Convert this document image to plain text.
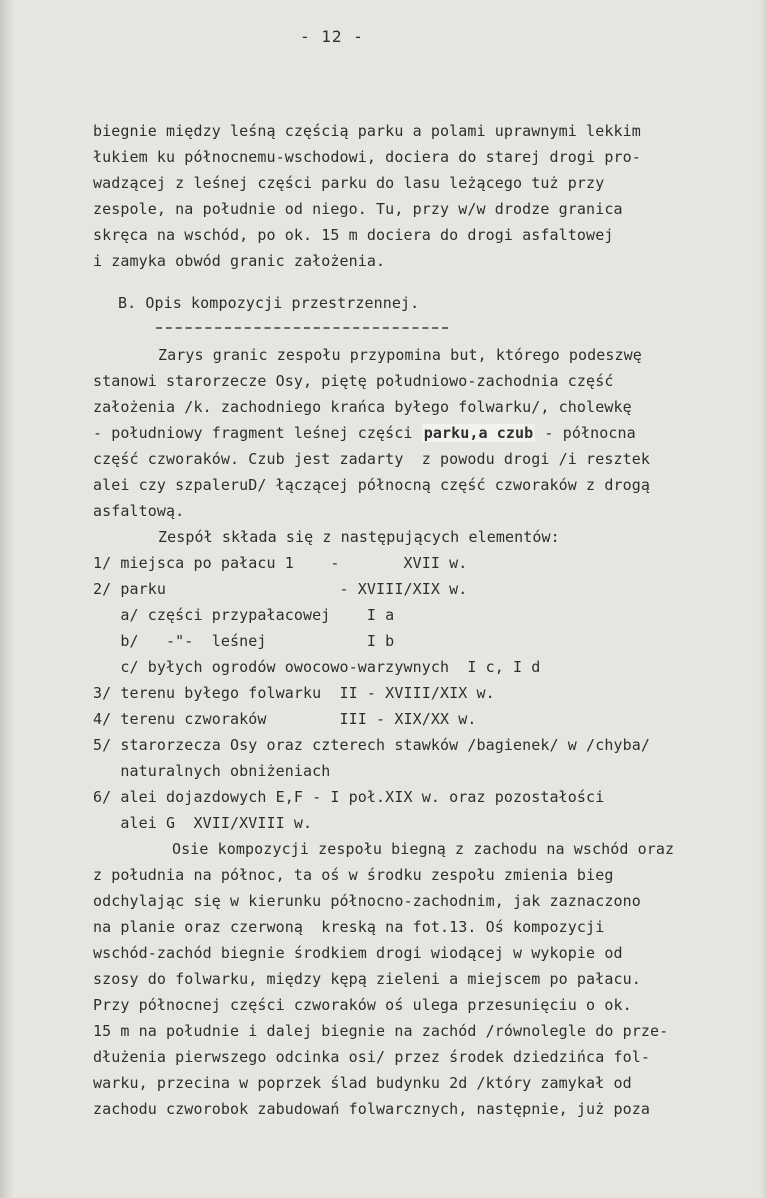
- 12 -
biegnie między leśną częścią parku a polami uprawnymi lekkim
łukiem ku północnemu-wschodowi, dociera do starej drogi pro-
wadzącej z leśnej części parku do lasu leżącego tuż przy
zespole, na południe od niego. Tu, przy w/w drodze granica
skręca na wschód, po ok. 15 m dociera do drogi asfaltowej
i zamyka obwód granic założenia.
B. Opis kompozycji przestrzennej.
Zarys granic zespołu przypomina but, którego podeszwę
stanowi starorzecze Osy, piętę południowo-zachodnia część
założenia /k. zachodniego krańca byłego folwarku/, cholewkę
- południowy fragment leśnej części parku,a czub - północna
część czworaków. Czub jest zadarty  z powodu drogi /i resztek
alei czy szpaleruD/ łączącej północną część czworaków z drogą
asfaltową.
Zespół składa się z następujących elementów:
1/ miejsca po pałacu 1    -       XVII w.
2/ parku                   - XVIII/XIX w.
a/ części przypałacowej    I a
b/   -"-  leśnej           I b
c/ byłych ogrodów owocowo-warzywnych  I c, I d
3/ terenu byłego folwarku  II - XVIII/XIX w.
4/ terenu czworaków        III - XIX/XX w.
5/ starorzecza Osy oraz czterech stawków /bagienek/ w /chyba/
naturalnych obniżeniach
6/ alei dojazdowych E,F - I poł.XIX w. oraz pozostałości
alei G  XVII/XVIII w.
Osie kompozycji zespołu biegną z zachodu na wschód oraz
z południa na północ, ta oś w środku zespołu zmienia bieg
odchylając się w kierunku północno-zachodnim, jak zaznaczono
na planie oraz czerwoną  kreską na fot.13. Oś kompozycji
wschód-zachód biegnie środkiem drogi wiodącej w wykopie od
szosy do folwarku, między kępą zieleni a miejscem po pałacu.
Przy północnej części czworaków oś ulega przesunięciu o ok.
15 m na południe i dalej biegnie na zachód /równolegle do prze-
dłużenia pierwszego odcinka osi/ przez środek dziedzińca fol-
warku, przecina w poprzek ślad budynku 2d /który zamykał od
zachodu czworobok zabudowań folwarcznych, następnie, już poza
